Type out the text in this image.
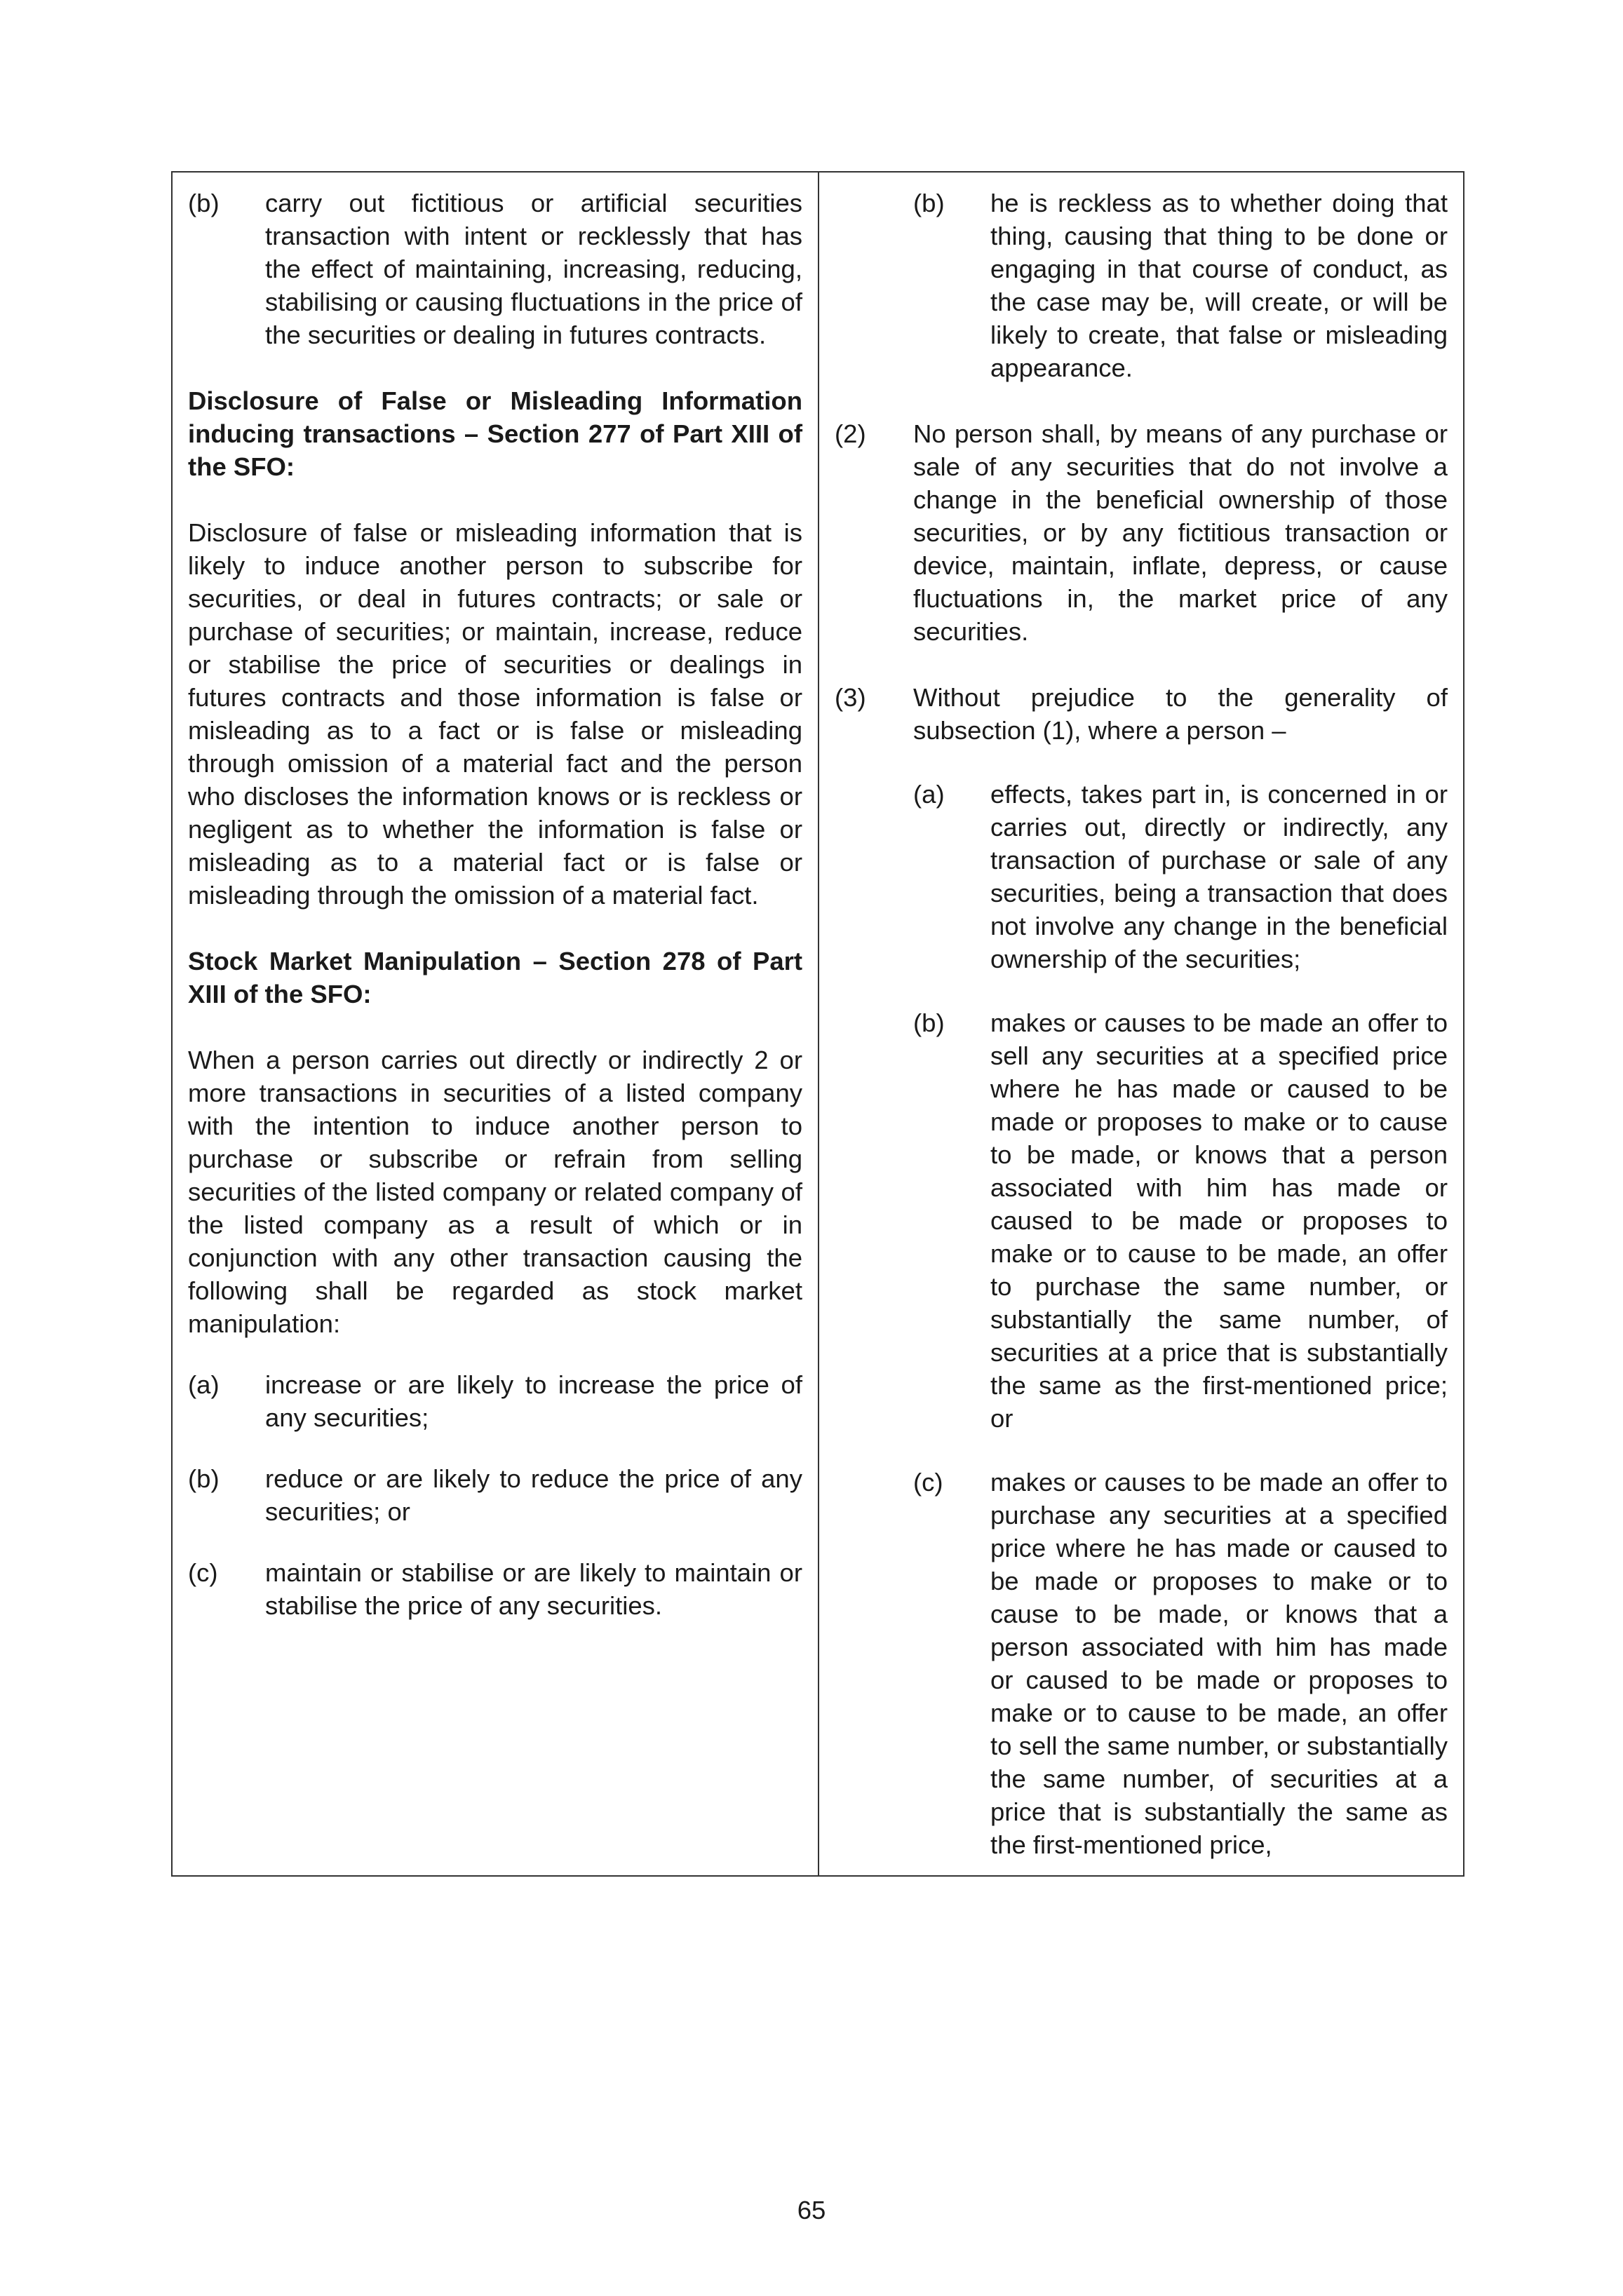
(b)	carry out fictitious or artificial securities transaction with intent or recklessly that has the effect of maintaining, increasing, reducing, stabilising or causing fluctuations in the price of the securities or dealing in futures contracts.

Disclosure of False or Misleading Information inducing transactions – Section 277 of Part XIII of the SFO:

Disclosure of false or misleading information that is likely to induce another person to subscribe for securities, or deal in futures contracts; or sale or purchase of securities; or maintain, increase, reduce or stabilise the price of securities or dealings in futures contracts and those information is false or misleading as to a fact or is false or misleading through omission of a material fact and the person who discloses the information knows or is reckless or negligent as to whether the information is false or misleading as to a material fact or is false or misleading through the omission of a material fact.

Stock Market Manipulation – Section 278 of Part XIII of the SFO:

When a person carries out directly or indirectly 2 or more transactions in securities of a listed company with the intention to induce another person to purchase or subscribe or refrain from selling securities of the listed company or related company of the listed company as a result of which or in conjunction with any other transaction causing the following shall be regarded as stock market manipulation:

(a)	increase or are likely to increase the price of any securities;
(b)	reduce or are likely to reduce the price of any securities; or
(c)	maintain or stabilise or are likely to maintain or stabilise the price of any securities.
(b)	he is reckless as to whether doing that thing, causing that thing to be done or engaging in that course of conduct, as the case may be, will create, or will be likely to create, that false or misleading appearance.
(2)	No person shall, by means of any purchase or sale of any securities that do not involve a change in the beneficial ownership of those securities, or by any fictitious transaction or device, maintain, inflate, depress, or cause fluctuations in, the market price of any securities.
(3)	Without prejudice to the generality of subsection (1), where a person –
(a)	effects, takes part in, is concerned in or carries out, directly or indirectly, any transaction of purchase or sale of any securities, being a transaction that does not involve any change in the beneficial ownership of the securities;
(b)	makes or causes to be made an offer to sell any securities at a specified price where he has made or caused to be made or proposes to make or to cause to be made, or knows that a person associated with him has made or caused to be made or proposes to make or to cause to be made, an offer to purchase the same number, or substantially the same number, of securities at a price that is substantially the same as the first-mentioned price; or
(c)	makes or causes to be made an offer to purchase any securities at a specified price where he has made or caused to be made or proposes to make or to cause to be made, or knows that a person associated with him has made or caused to be made or proposes to make or to cause to be made, an offer to sell the same number, or substantially the same number, of securities at a price that is substantially the same as the first-mentioned price,
65
